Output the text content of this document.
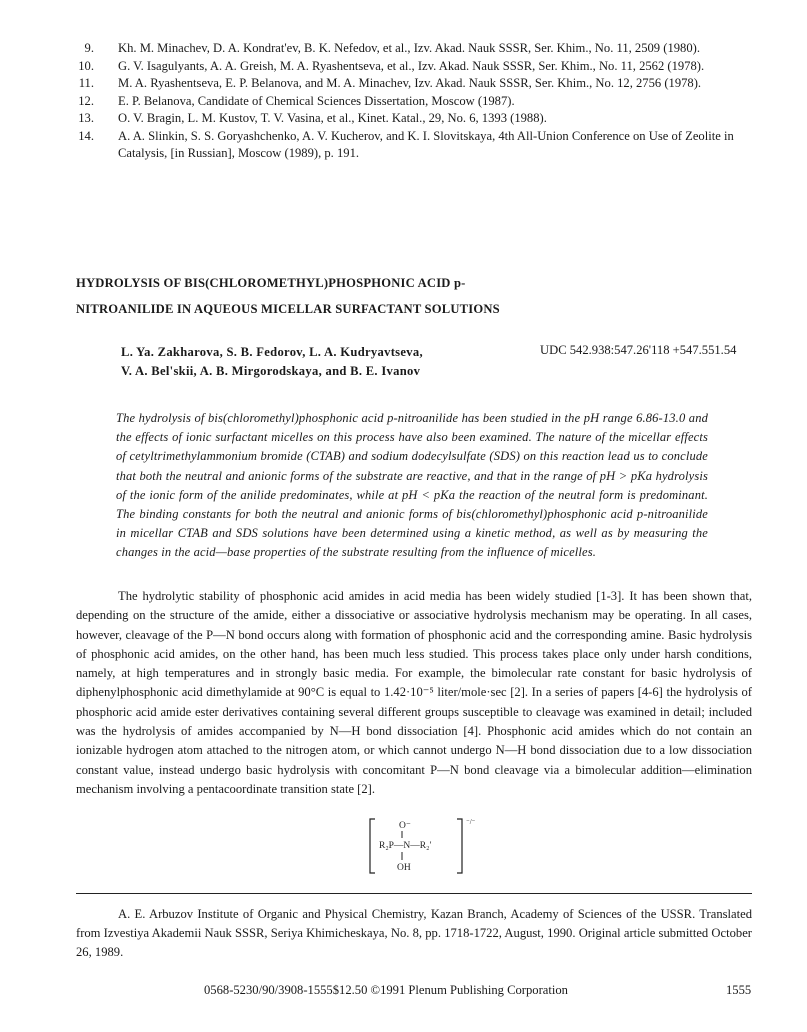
9. Kh. M. Minachev, D. A. Kondrat'ev, B. K. Nefedov, et al., Izv. Akad. Nauk SSSR, Ser. Khim., No. 11, 2509 (1980).
10. G. V. Isagulyants, A. A. Greish, M. A. Ryashentseva, et al., Izv. Akad. Nauk SSSR, Ser. Khim., No. 11, 2562 (1978).
11. M. A. Ryashentseva, E. P. Belanova, and M. A. Minachev, Izv. Akad. Nauk SSSR, Ser. Khim., No. 12, 2756 (1978).
12. E. P. Belanova, Candidate of Chemical Sciences Dissertation, Moscow (1987).
13. O. V. Bragin, L. M. Kustov, T. V. Vasina, et al., Kinet. Katal., 29, No. 6, 1393 (1988).
14. A. A. Slinkin, S. S. Goryashchenko, A. V. Kucherov, and K. I. Slovitskaya, 4th All-Union Conference on Use of Zeolite in Catalysis, [in Russian], Moscow (1989), p. 191.
HYDROLYSIS OF BIS(CHLOROMETHYL)PHOSPHONIC ACID p-
NITROANILIDE IN AQUEOUS MICELLAR SURFACTANT SOLUTIONS
L. Ya. Zakharova, S. B. Fedorov, L. A. Kudryavtseva,
V. A. Bel'skii, A. B. Mirgorodskaya, and B. E. Ivanov
UDC 542.938:547.26'118 +547.551.54
The hydrolysis of bis(chloromethyl)phosphonic acid p-nitroanilide has been studied in the pH range 6.86-13.0 and the effects of ionic surfactant micelles on this process have also been examined. The nature of the micellar effects of cetyltrimethylammonium bromide (CTAB) and sodium dodecylsulfate (SDS) on this reaction lead us to conclude that both the neutral and anionic forms of the substrate are reactive, and that in the range of pH > pKa hydrolysis of the ionic form of the anilide predominates, while at pH < pKa the reaction of the neutral form is predominant. The binding constants for both the neutral and anionic forms of bis(chloromethyl)phosphonic acid p-nitroanilide in micellar CTAB and SDS solutions have been determined using a kinetic method, as well as by measuring the changes in the acid—base properties of the substrate resulting from the influence of micelles.

The hydrolytic stability of phosphonic acid amides in acid media has been widely studied [1-3]. It has been shown that, depending on the structure of the amide, either a dissociative or associative hydrolysis mechanism may be operating. In all cases, however, cleavage of the P—N bond occurs along with formation of phosphonic acid and the corresponding amine. Basic hydrolysis of phosphonic acid amides, on the other hand, has been much less studied. This process takes place only under harsh conditions, namely, at high temperatures and in strongly basic media. For example, the bimolecular rate constant for basic hydrolysis of diphenylphosphonic acid dimethylamide at 90°C is equal to 1.42·10⁻⁵ liter/mole·sec [2]. In a series of papers [4-6] the hydrolysis of phosphoric acid amide ester derivatives containing several different groups susceptible to cleavage was examined in detail; included was the hydrolysis of amides accompanied by N—H bond dissociation [4]. Phosphonic acid amides which do not contain an ionizable hydrogen atom attached to the nitrogen atom, or which cannot undergo N—H bond dissociation due to a low dissociation constant value, instead undergo basic hydrolysis with concomitant P—N bond cleavage via a bimolecular addition—elimination mechanism involving a pentacoordinate transition state [2].

O⁻	⁻/⁻
R₂P—N—R₂′
OH

A. E. Arbuzov Institute of Organic and Physical Chemistry, Kazan Branch, Academy of Sciences of the USSR. Translated from Izvestiya Akademii Nauk SSSR, Seriya Khimicheskaya, No. 8, pp. 1718-1722, August, 1990. Original article submitted October 26, 1989.

0568-5230/90/3908-1555$12.50 ©1991 Plenum Publishing Corporation	1555
